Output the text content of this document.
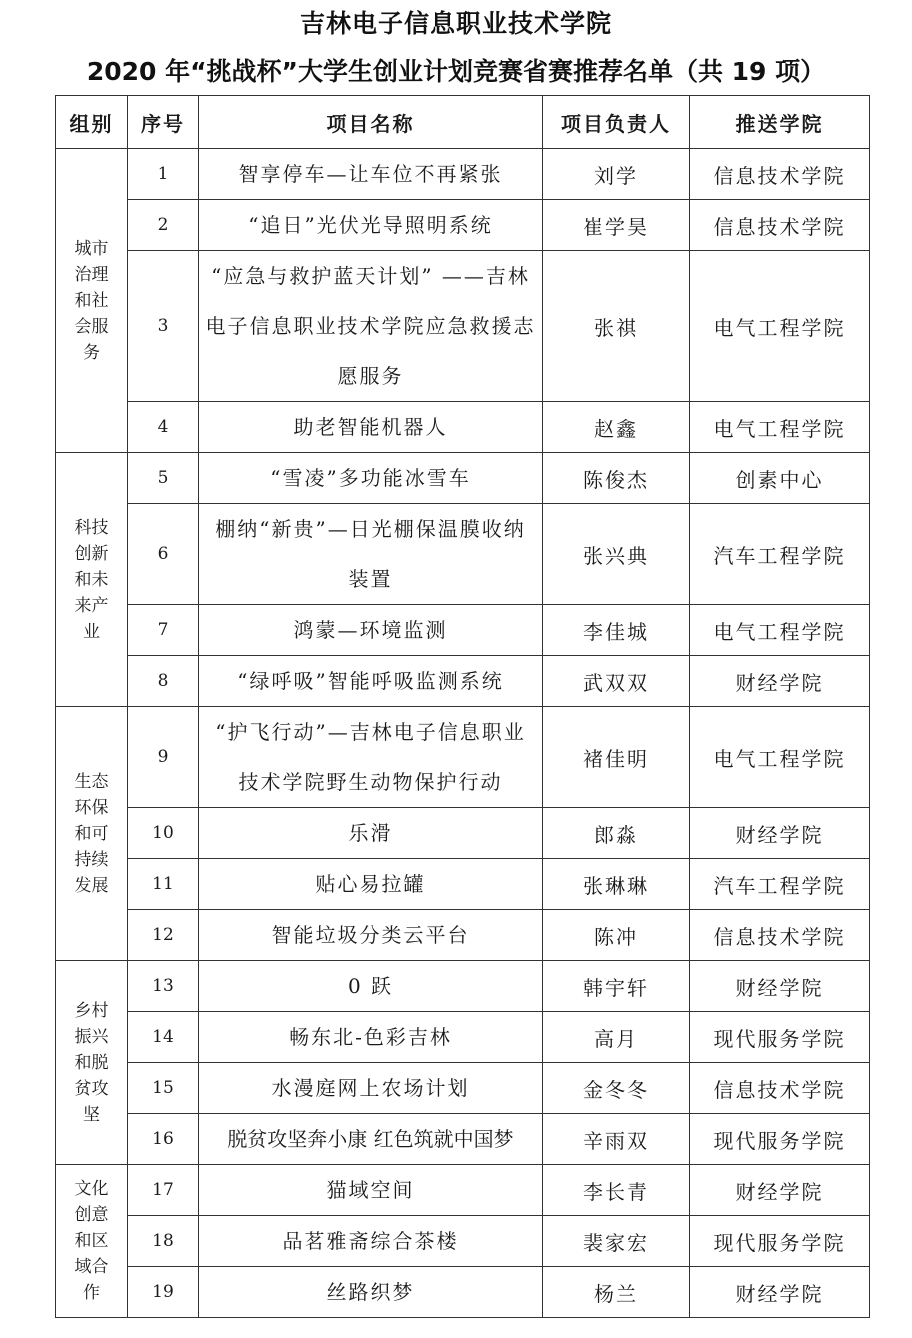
吉林电子信息职业技术学院
2020 年“挑战杯”大学生创业计划竞赛省赛推荐名单（共 19 项）
组别	序号	项目名称	项目负责人	推送学院
城市治理和社会服务	1	智享停车—让车位不再紧张	刘学	信息技术学院
	2	“追日”光伏光导照明系统	崔学昊	信息技术学院
	3	“应急与救护蓝天计划” ——吉林电子信息职业技术学院应急救援志愿服务	张祺	电气工程学院
	4	助老智能机器人	赵鑫	电气工程学院
科技创新和未来产业	5	“雪凌”多功能冰雪车	陈俊杰	创素中心
	6	棚纳“新贵”—日光棚保温膜收纳装置	张兴典	汽车工程学院
	7	鸿蒙—环境监测	李佳城	电气工程学院
	8	“绿呼吸”智能呼吸监测系统	武双双	财经学院
生态环保和可持续发展	9	“护飞行动”—吉林电子信息职业技术学院野生动物保护行动	褚佳明	电气工程学院
	10	乐滑	郎淼	财经学院
	11	贴心易拉罐	张琳琳	汽车工程学院
	12	智能垃圾分类云平台	陈冲	信息技术学院
乡村振兴和脱贫攻坚	13	0 跃	韩宇轩	财经学院
	14	畅东北-色彩吉林	高月	现代服务学院
	15	水漫庭网上农场计划	金冬冬	信息技术学院
	16	脱贫攻坚奔小康 红色筑就中国梦	辛雨双	现代服务学院
文化创意和区域合作	17	猫域空间	李长青	财经学院
	18	品茗雅斋综合茶楼	裴家宏	现代服务学院
	19	丝路织梦	杨兰	财经学院
